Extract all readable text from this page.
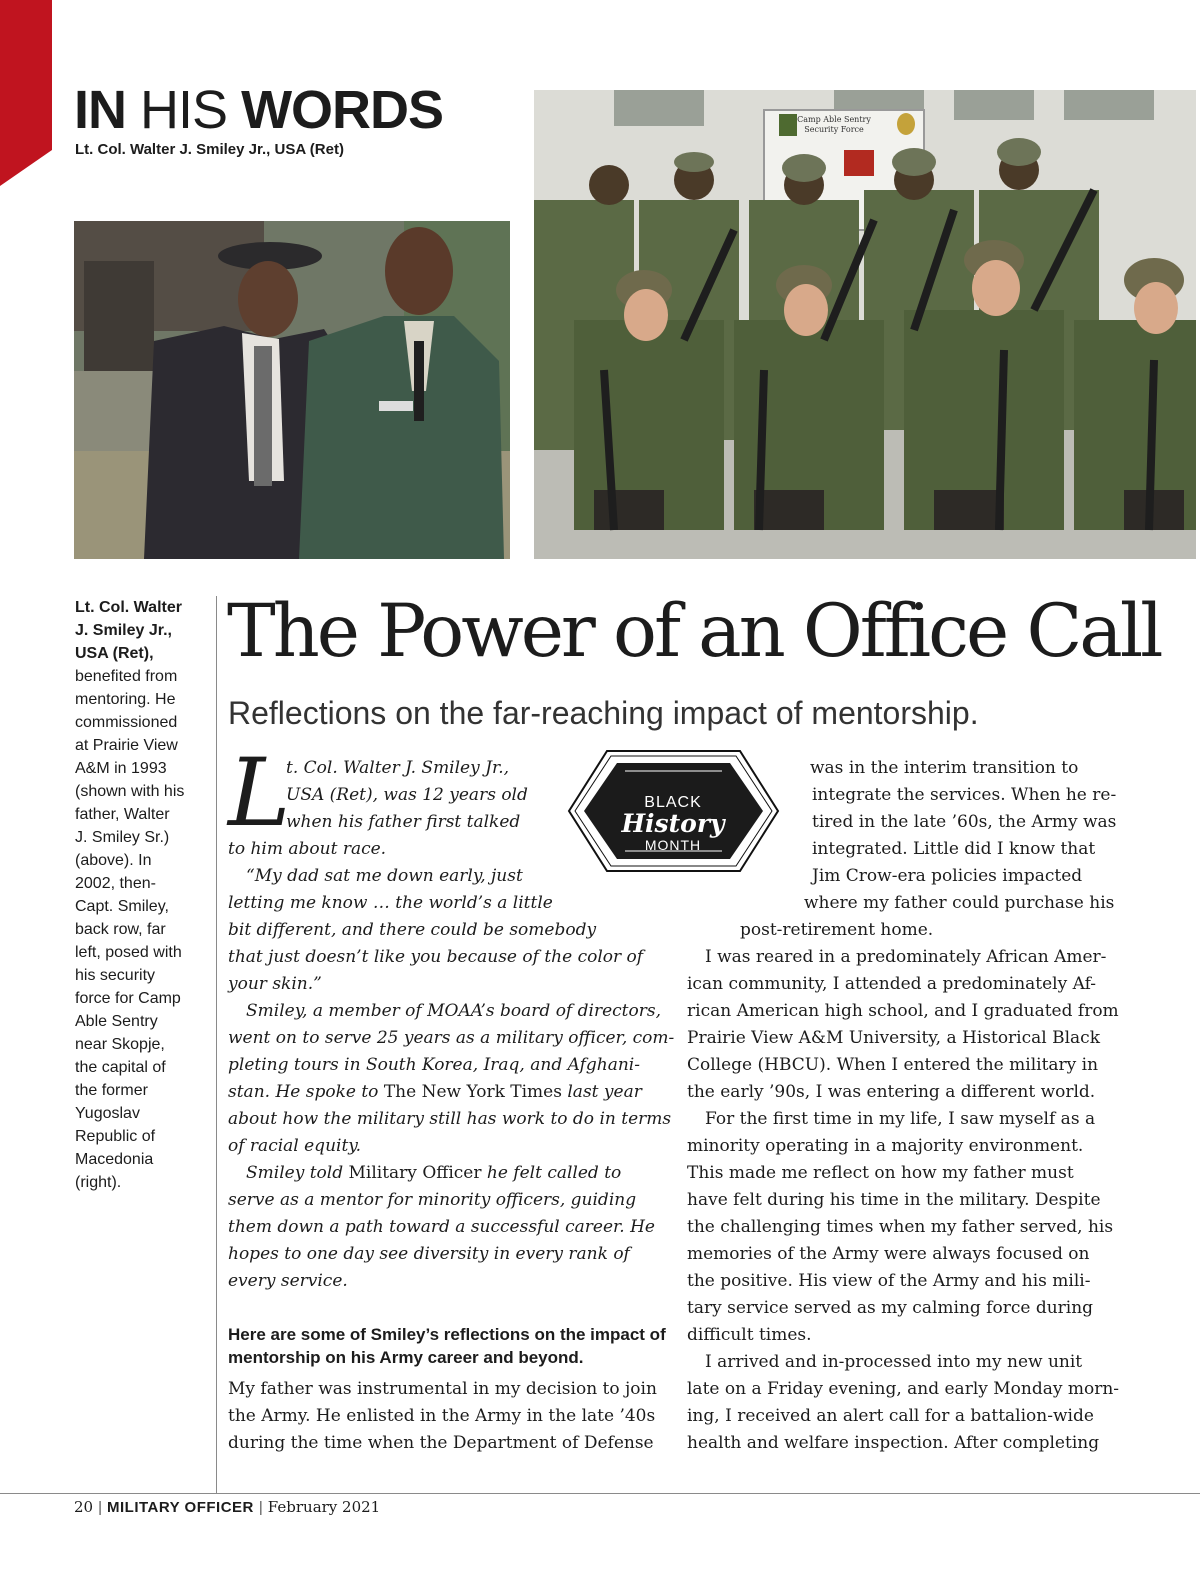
IN HIS WORDS
Lt. Col. Walter J. Smiley Jr., USA (Ret)
Camp Able Sentry
Security Force
Lt. Col. Walter
J. Smiley Jr.,
USA (Ret),
benefited from
mentoring. He
commissioned
at Prairie View
A&M in 1993
(shown with his
father, Walter
J. Smiley Sr.)
(above). In
2002, then-
Capt. Smiley,
back row, far
left, posed with
his security
force for Camp
Able Sentry
near Skopje,
the capital of
the former
Yugoslav
Republic of
Macedonia
(right).
The Power of an Office Call
Reflections on the far-reaching impact of mentorship.
L
t. Col. Walter J. Smiley Jr.,
USA (Ret), was 12 years old
when his father first talked
to him about race.
“My dad sat me down early, just
letting me know … the world’s a little
bit different, and there could be somebody
that just doesn’t like you because of the color of
your skin.”
Smiley, a member of MOAA’s board of directors,
went on to serve 25 years as a military officer, com-
pleting tours in South Korea, Iraq, and Afghani-
stan. He spoke to The New York Times last year
about how the military still has work to do in terms
of racial equity.
Smiley told Military Officer he felt called to
serve as a mentor for minority officers, guiding
them down a path toward a successful career. He
hopes to one day see diversity in every rank of
every service.
Here are some of Smiley’s reflections on the impact of mentorship on his Army career and beyond.
My father was instrumental in my decision to join
the Army. He enlisted in the Army in the late ’40s
during the time when the Department of Defense
was in the interim transition to
integrate the services. When he re-
tired in the late ’60s, the Army was
integrated. Little did I know that
Jim Crow-era policies impacted
where my father could purchase his
post-retirement home.
I was reared in a predominately African Amer-
ican community, I attended a predominately Af-
rican American high school, and I graduated from
Prairie View A&M University, a Historical Black
College (HBCU). When I entered the military in
the early ’90s, I was entering a different world.
For the first time in my life, I saw myself as a
minority operating in a majority environment.
This made me reflect on how my father must
have felt during his time in the military. Despite
the challenging times when my father served, his
memories of the Army were always focused on
the positive. His view of the Army and his mili-
tary service served as my calming force during
difficult times.
I arrived and in-processed into my new unit
late on a Friday evening, and early Monday morn-
ing, I received an alert call for a battalion-wide
health and welfare inspection. After completing
BLACK
History
MONTH
20 | MILITARY OFFICER | February 2021
